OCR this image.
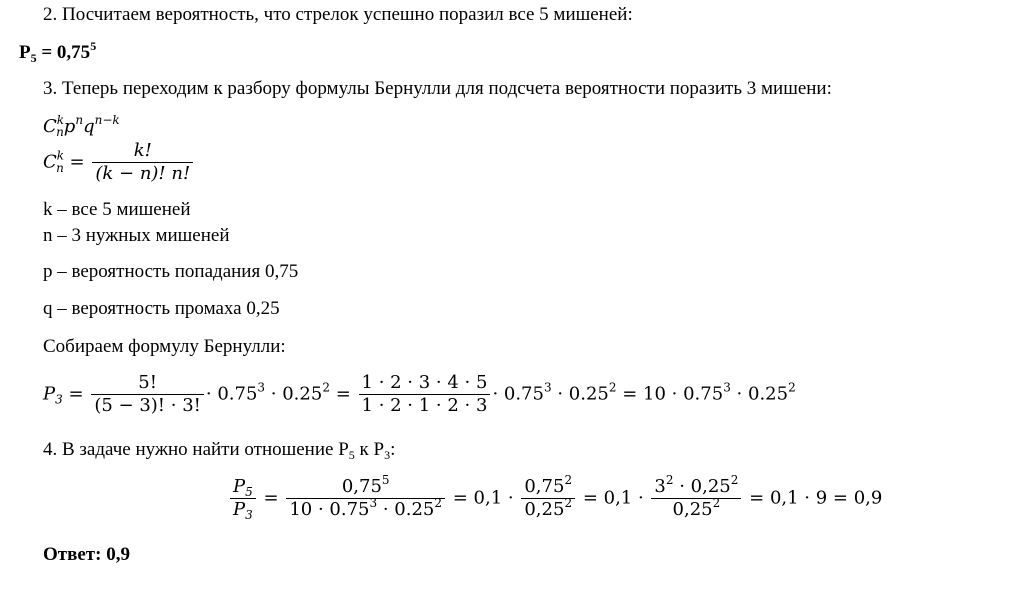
2. Посчитаем вероятность, что стрелок успешно поразил все 5 мишеней:
$P_5 = 0,75^5$
3. Теперь переходим к разбору формулы Бернулли для подсчета вероятности поразить 3 мишени:
$C^k_np^nq^{n-k}$
$C^k_n = \frac{k!}{(k - n)! n!}$
k – все 5 мишеней
n – 3 нужных мишеней
p – вероятность попадания 0,75
q – вероятность промаха 0,25
Собираем формулу Бернулли:
$P_3 = \frac{5!}{(5 - 3)! \cdot 3!} \cdot 0.75^3 \cdot 0.25^2 = \frac{1 \cdot 2 \cdot 3 \cdot 4 \cdot 5}{1 \cdot 2 \cdot 1 \cdot 2 \cdot 3} \cdot 0.75^3 \cdot 0.25^2 = 10 \cdot 0.75^3 \cdot 0.25^2$
4. В задаче нужно найти отношение $P_5$ к $P_3$:
$\frac{P_5}{P_3} = \frac{0,75^5}{10 \cdot 0.75^3 \cdot 0.25^2} = 0,1 \cdot \frac{0,75^2}{0,25^2} = 0,1 \cdot \frac{3^2 \cdot 0,25^2}{0,25^2} = 0,1 \cdot 9 = 0,9$
Ответ: 0,9
